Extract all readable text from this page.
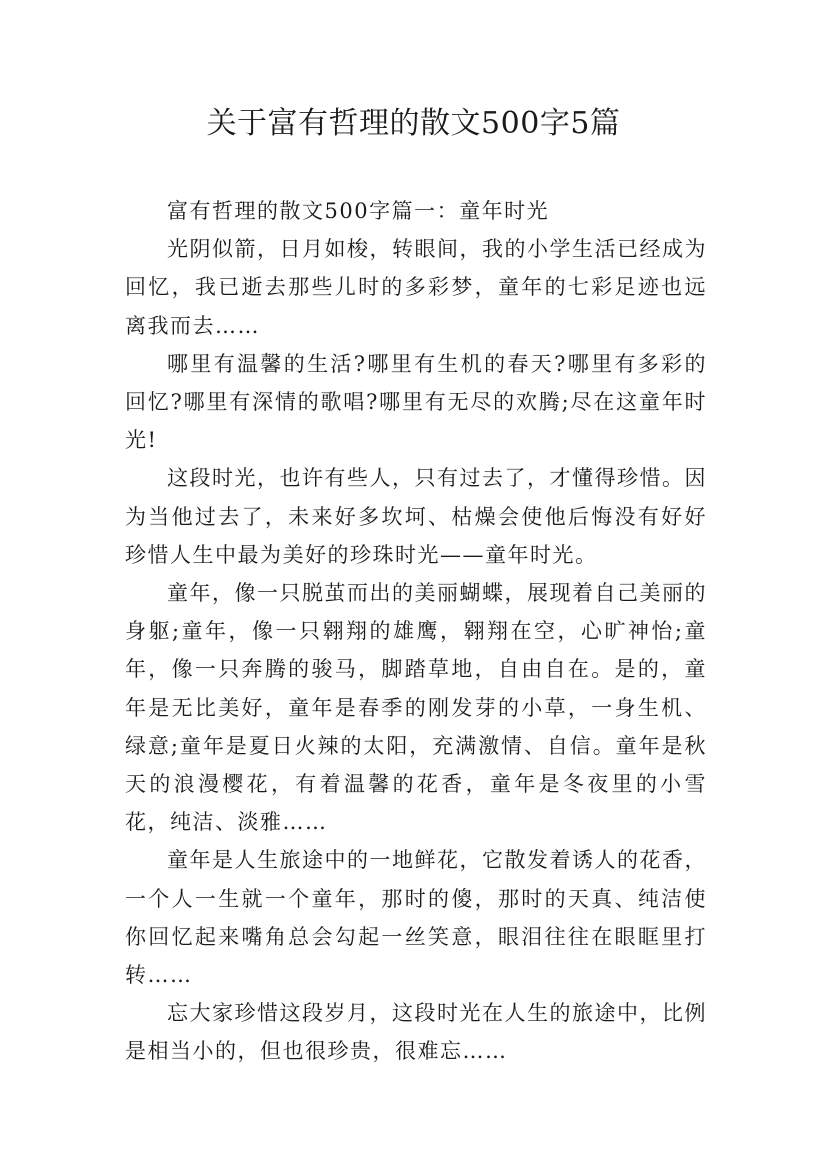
关于富有哲理的散文500字5篇

富有哲理的散文500字篇一：童年时光

光阴似箭，日月如梭，转眼间，我的小学生活已经成为回忆，我已逝去那些儿时的多彩梦，童年的七彩足迹也远离我而去……

哪里有温馨的生活?哪里有生机的春天?哪里有多彩的回忆?哪里有深情的歌唱?哪里有无尽的欢腾;尽在这童年时光!

这段时光，也许有些人，只有过去了，才懂得珍惜。因为当他过去了，未来好多坎坷、枯燥会使他后悔没有好好珍惜人生中最为美好的珍珠时光——童年时光。

童年，像一只脱茧而出的美丽蝴蝶，展现着自己美丽的身躯;童年，像一只翱翔的雄鹰，翱翔在空，心旷神怡;童年，像一只奔腾的骏马，脚踏草地，自由自在。是的，童年是无比美好，童年是春季的刚发芽的小草，一身生机、绿意;童年是夏日火辣的太阳，充满激情、自信。童年是秋天的浪漫樱花，有着温馨的花香，童年是冬夜里的小雪花，纯洁、淡雅……

童年是人生旅途中的一地鲜花，它散发着诱人的花香，一个人一生就一个童年，那时的傻，那时的天真、纯洁使你回忆起来嘴角总会勾起一丝笑意，眼泪往往在眼眶里打转……

忘大家珍惜这段岁月，这段时光在人生的旅途中，比例是相当小的，但也很珍贵，很难忘……
